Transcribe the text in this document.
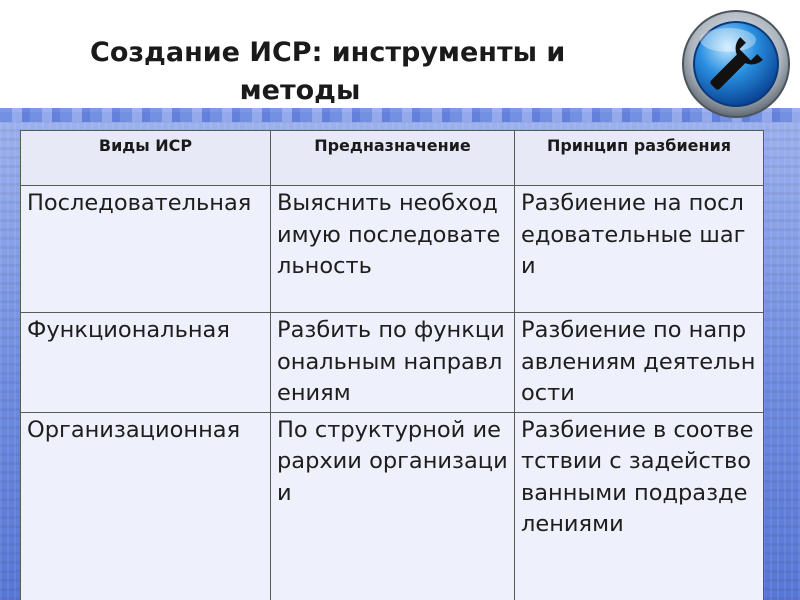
Создание ИСР: инструменты и
методы
Виды ИСР	Предназначение	Принцип разбиения
Последовательная	Выяснить необходимую последовательность	Разбиение на последовательные шаги
Функциональная	Разбить по функциональным направлениям	Разбиение по направлениям деятельности
Организационная	По структурной иерархии организации	Разбиение в соответствии с задействованными подразделениями
